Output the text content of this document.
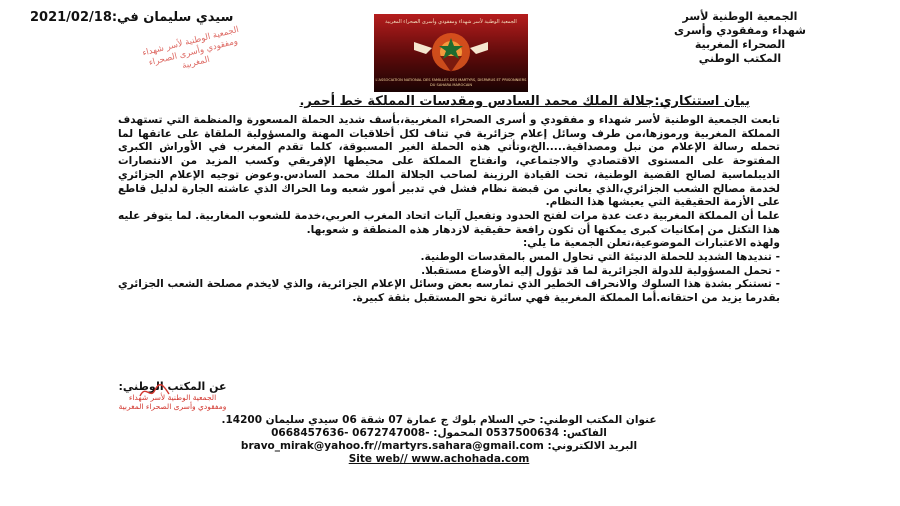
الجمعية الوطنية لأسر
شهداء ومفقودي وأسرى
الصحراء المغربية
المكتب الوطني
سيدي سليمان في:2021/02/18	الجمعية الوطنية لأسر شهداء ومفقودي وأسرى الصحراء المغربية
L'ASSOCIATION NATIONAL DES FAMILLES DES MARTYRS, DISPARUS ET PRISONNIERS DU SAHARA MAROCAIN
الجمعية الوطنية لأسر شهداء ومفقودي وأسرى الصحراء المغربية
بيان استنكاري:جلالة الملك محمد السادس ومقدسات المملكة خط أحمر.

تابعت الجمعية الوطنية لأسر شهداء و مفقودي و أسرى الصحراء المغربية،بأسف شديد الحملة المسعورة والمنظمة التي تستهدف المملكة المغربية ورموزها،من طرف وسائل إعلام جزائرية في تناف لكل أخلاقيات المهنة والمسؤولية الملقاة على عاتقها لما تحمله رسالة الإعلام من نبل ومصداقية.....الخ،وتأتي هذه الحملة الغير المسبوقة، كلما تقدم المغرب في الأوراش الكبرى المفتوحة على المستوى الاقتصادي والاجتماعي، وانفتاح المملكة على محيطها الإفريقي وكسب المزيد من الانتصارات الديبلماسية لصالح القضية الوطنية، تحت القيادة الرزينة لصاحب الجلالة الملك محمد السادس.وعوض توجيه الإعلام الجزائري لخدمة مصالح الشعب الجزائري،الذي يعاني من قبضة نظام فشل في تدبير أمور شعبه وما الحراك الذي عاشته الجارة لدليل قاطع على الأزمة الحقيقية التي يعيشها هذا النظام.

علما أن المملكة المغربية دعت عدة مرات لفتح الحدود وتفعيل آليات اتحاد المغرب العربي،خدمة للشعوب المغاربية. لما يتوفر عليه هذا التكتل من إمكانيات كبرى يمكنها أن تكون رافعة حقيقية لازدهار هذه المنطقة و شعوبها.

ولهذه الاعتبارات الموضوعية،تعلن الجمعية ما يلي:

- تنديدها الشديد للحملة الدنيئة التي تحاول المس بالمقدسات الوطنية.

- تحمل المسؤولية للدولة الجزائرية لما قد تؤول إليه الأوضاع مستقبلا.

- تستنكر بشدة هذا السلوك والانحراف الخطير الذي تمارسه بعض وسائل الإعلام الجزائرية، والذي لايخدم مصلحة الشعب الجزائري بقدرما يزيد من احتقانه.أما المملكة المغربية فهي سائرة نحو المستقبل بثقة كبيرة.

عن المكتب الوطني:
الجمعية الوطنية لأسر شهداء
ومفقودي وأسرى الصحراء المغربية
عنوان المكتب الوطني: حي السلام بلوك ج عمارة 07 شقة 06 سيدي سليمان 14200.
الفاكس: 0537500634 المحمول: -0672747008 -0668457636
البريد الالكتروني: bravo_mirak@yahoo.fr//martyrs.sahara@gmail.com
Site web// www.achohada.com
